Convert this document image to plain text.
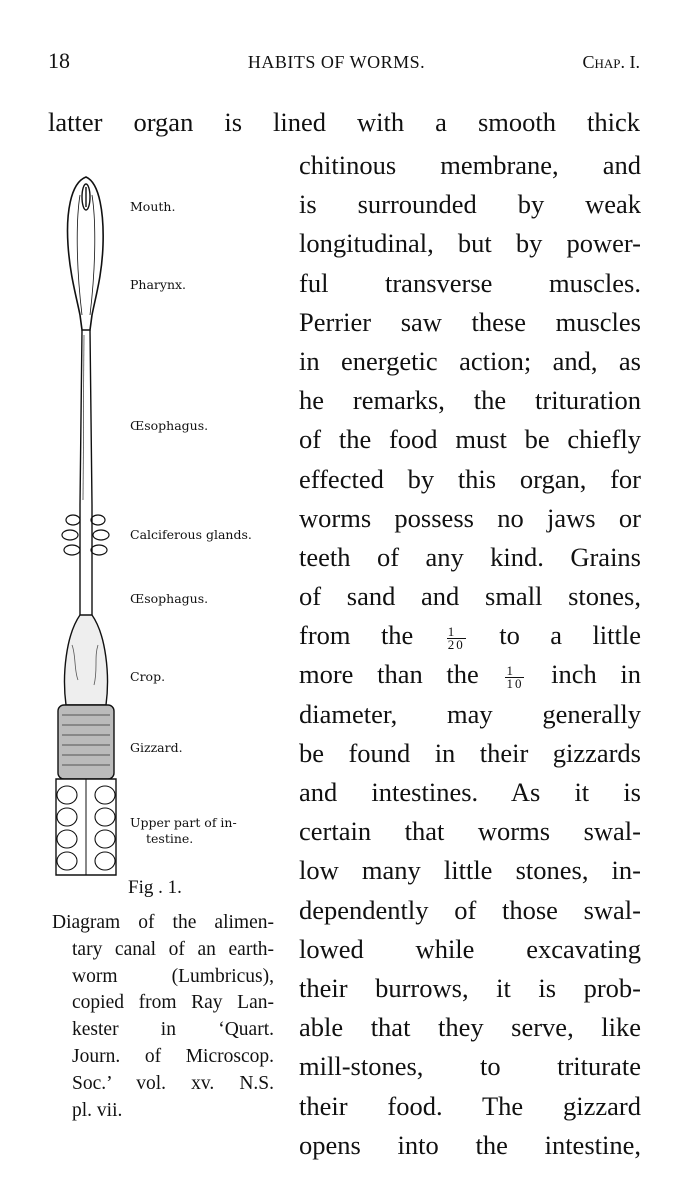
18	HABITS OF WORMS.	Chap. I.
latter organ is lined with a smooth thick
chitinous membrane, and
is surrounded by weak
longitudinal, but by power-
ful transverse muscles.
Perrier saw these muscles
in energetic action; and, as
he remarks, the trituration
of the food must be chiefly
effected by this organ, for
worms possess no jaws or
teeth of any kind. Grains
of sand and small stones,
from the	$\frac{1}{20}$ to a little
more than the $\frac{1}{10}$ inch in
diameter, may generally
be found in their gizzards
and intestines. As it is
certain that worms swal-
low many little stones, in-
dependently of those swal-
lowed while excavating
their burrows, it is prob-
able that they serve, like
mill-stones, to triturate
their food. The gizzard
opens into the intestine,
Mouth.
Pharynx.
Œsophagus.
Calciferous glands.
Œsophagus.
Crop.
Gizzard.
Upper part of in-
testine.
Fig . 1.
Diagram of the alimen-
tary canal of an earth-
worm (Lumbricus),
copied from Ray Lan-
kester in ‘Quart.
Journ. of Microscop.
Soc.’ vol. xv. N.S.
pl. vii.
